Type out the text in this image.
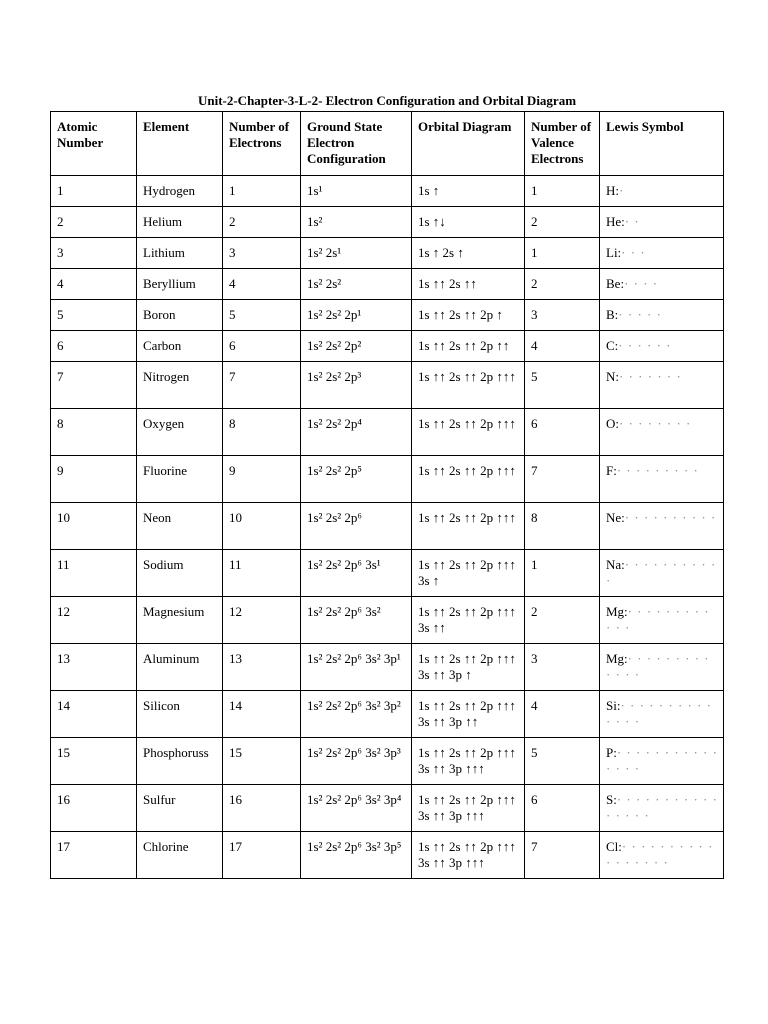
Unit-2-Chapter-3-L-2- Electron Configuration and Orbital Diagram
Atomic Number	Element	Number of Electrons	Ground State Electron Configuration	Orbital Diagram	Number of Valence Electrons	Lewis Symbol
1	Hydrogen	1	1s¹	1s ↑	1	H:·
2	Helium	2	1s²	1s ↑↓	2	He:· ·
3	Lithium	3	1s² 2s¹	1s ↑ 2s ↑	1	Li:· · ·
4	Beryllium	4	1s² 2s²	1s ↑↑ 2s ↑↑	2	Be:· · · ·
5	Boron	5	1s² 2s² 2p¹	1s ↑↑ 2s ↑↑ 2p ↑	3	B:· · · · ·
6	Carbon	6	1s² 2s² 2p²	1s ↑↑ 2s ↑↑ 2p ↑↑	4	C:· · · · · ·
7	Nitrogen	7	1s² 2s² 2p³	1s ↑↑ 2s ↑↑ 2p ↑↑↑	5	N:· · · · · · ·
8	Oxygen	8	1s² 2s² 2p⁴	1s ↑↑ 2s ↑↑ 2p ↑↑↑	6	O:· · · · · · · ·
9	Fluorine	9	1s² 2s² 2p⁵	1s ↑↑ 2s ↑↑ 2p ↑↑↑	7	F:· · · · · · · · ·
10	Neon	10	1s² 2s² 2p⁶	1s ↑↑ 2s ↑↑ 2p ↑↑↑	8	Ne:· · · · · · · · · ·
11	Sodium	11	1s² 2s² 2p⁶ 3s¹	1s ↑↑ 2s ↑↑ 2p ↑↑↑ 3s ↑	1	Na:· · · · · · · · · · ·
12	Magnesium	12	1s² 2s² 2p⁶ 3s²	1s ↑↑ 2s ↑↑ 2p ↑↑↑ 3s ↑↑	2	Mg:· · · · · · · · · · · ·
13	Aluminum	13	1s² 2s² 2p⁶ 3s² 3p¹	1s ↑↑ 2s ↑↑ 2p ↑↑↑ 3s ↑↑ 3p ↑	3	Mg:· · · · · · · · · · · · ·
14	Silicon	14	1s² 2s² 2p⁶ 3s² 3p²	1s ↑↑ 2s ↑↑ 2p ↑↑↑ 3s ↑↑ 3p ↑↑	4	Si:· · · · · · · · · · · · · ·
15	Phosphoruss	15	1s² 2s² 2p⁶ 3s² 3p³	1s ↑↑ 2s ↑↑ 2p ↑↑↑ 3s ↑↑ 3p ↑↑↑	5	P:· · · · · · · · · · · · · · ·
16	Sulfur	16	1s² 2s² 2p⁶ 3s² 3p⁴	1s ↑↑ 2s ↑↑ 2p ↑↑↑ 3s ↑↑ 3p ↑↑↑	6	S:· · · · · · · · · · · · · · · ·
17	Chlorine	17	1s² 2s² 2p⁶ 3s² 3p⁵	1s ↑↑ 2s ↑↑ 2p ↑↑↑ 3s ↑↑ 3p ↑↑↑	7	Cl:· · · · · · · · · · · · · · · · ·
